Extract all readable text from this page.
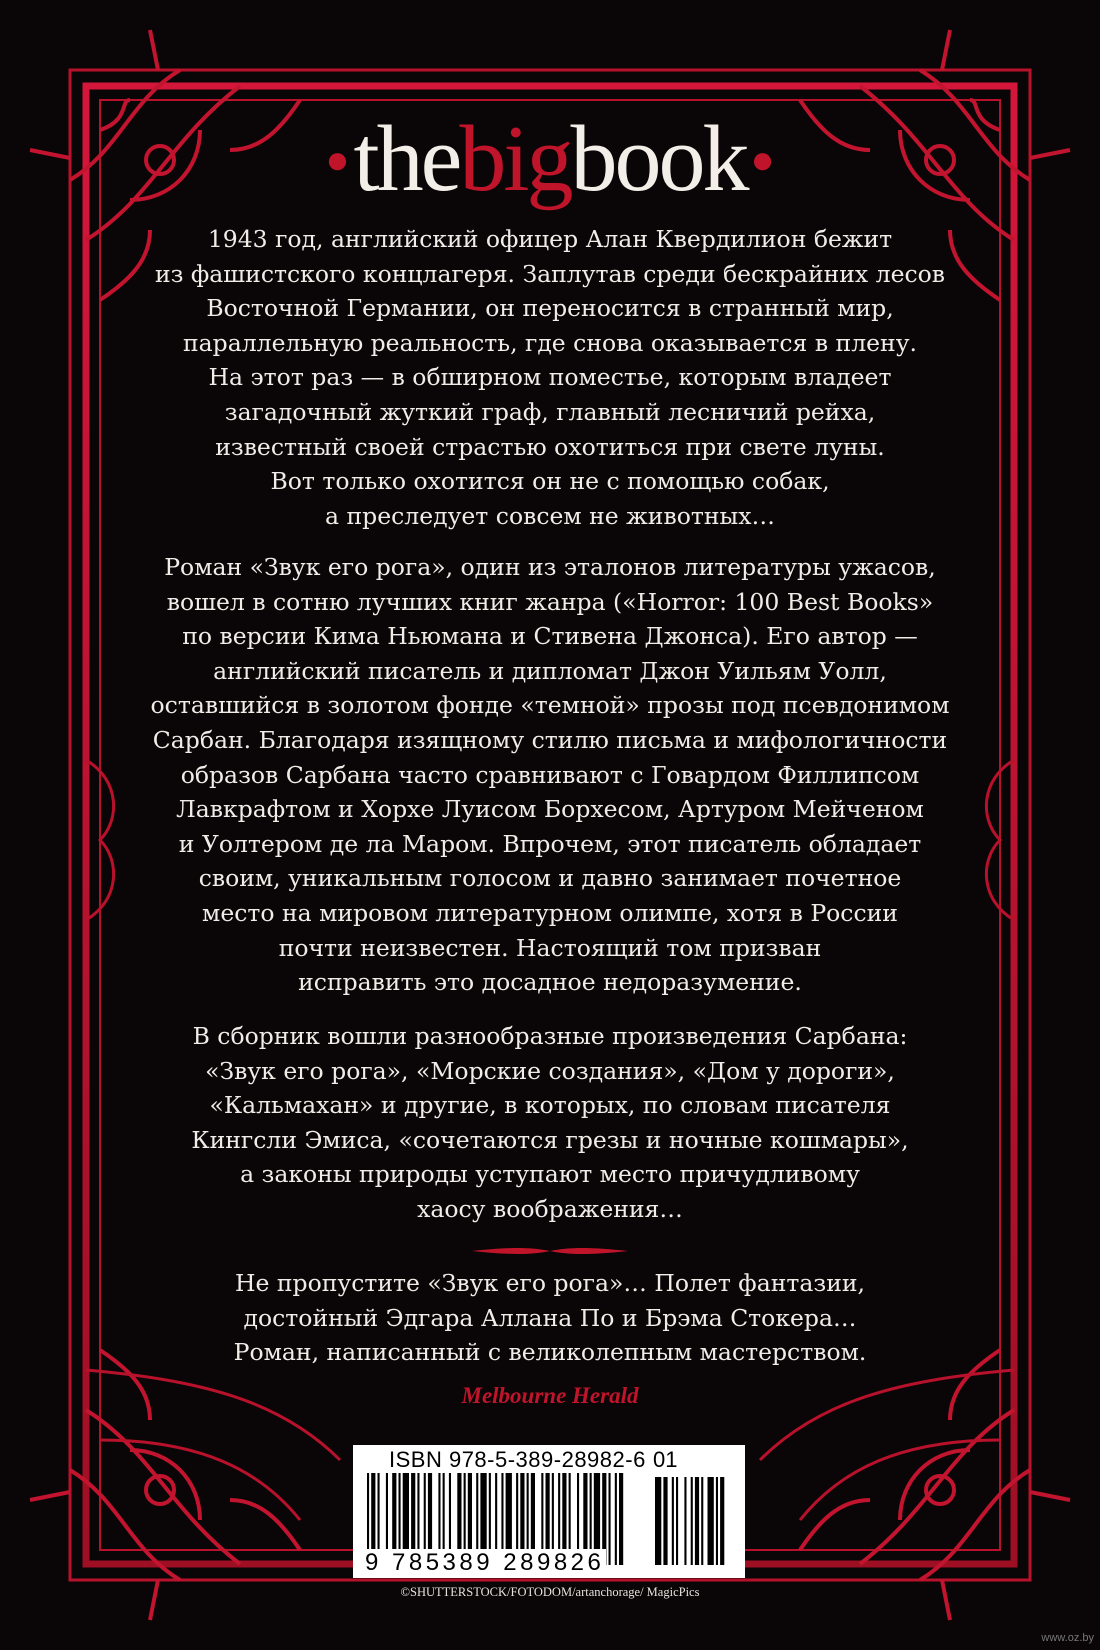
●thebigbook ●

1943 год, английский офицер Алан Квердилион бежит

из фашистского концлагеря. Заплутав среди бескрайних лесов

Восточной Германии, он переносится в странный мир,

параллельную реальность, где снова оказывается в плену.

На этот раз — в обширном поместье, которым владеет

загадочный жуткий граф, главный лесничий рейха,

известный своей страстью охотиться при свете луны.

Вот только охотится он не с помощью собак,

а преследует совсем не животных…

Роман «Звук его рога», один из эталонов литературы ужасов,

вошел в сотню лучших книг жанра («Horror: 100 Best Books»

по версии Кима Ньюмана и Стивена Джонса). Его автор —

английский писатель и дипломат Джон Уильям Уолл,

оставшийся в золотом фонде «темной» прозы под псевдонимом

Сарбан. Благодаря изящному стилю письма и мифологичности

образов Сарбана часто сравнивают с Говардом Филлипсом

Лавкрафтом и Хорхе Луисом Борхесом, Артуром Мейченом

и Уолтером де ла Маром. Впрочем, этот писатель обладает

своим, уникальным голосом и давно занимает почетное

место на мировом литературном олимпе, хотя в России

почти неизвестен. Настоящий том призван

исправить это досадное недоразумение.

В сборник вошли разнообразные произведения Сарбана:

«Звук его рога», «Морские создания», «Дом у дороги»,

«Кальмахан» и другие, в которых, по словам писателя

Кингсли Эмиса, «сочетаются грезы и ночные кошмары»,

а законы природы уступают место причудливому

хаосу воображения…

Не пропустите «Звук его рога»… Полет фантазии,

достойный Эдгара Аллана По и Брэма Стокера…

Роман, написанный с великолепным мастерством.

Melbourne Herald
ISBN 978-5-389-28982-6 01
9 785389 289826
©SHUTTERSTOCK/FOTODOM/artanchorage/ MagicPics
www.oz.by
